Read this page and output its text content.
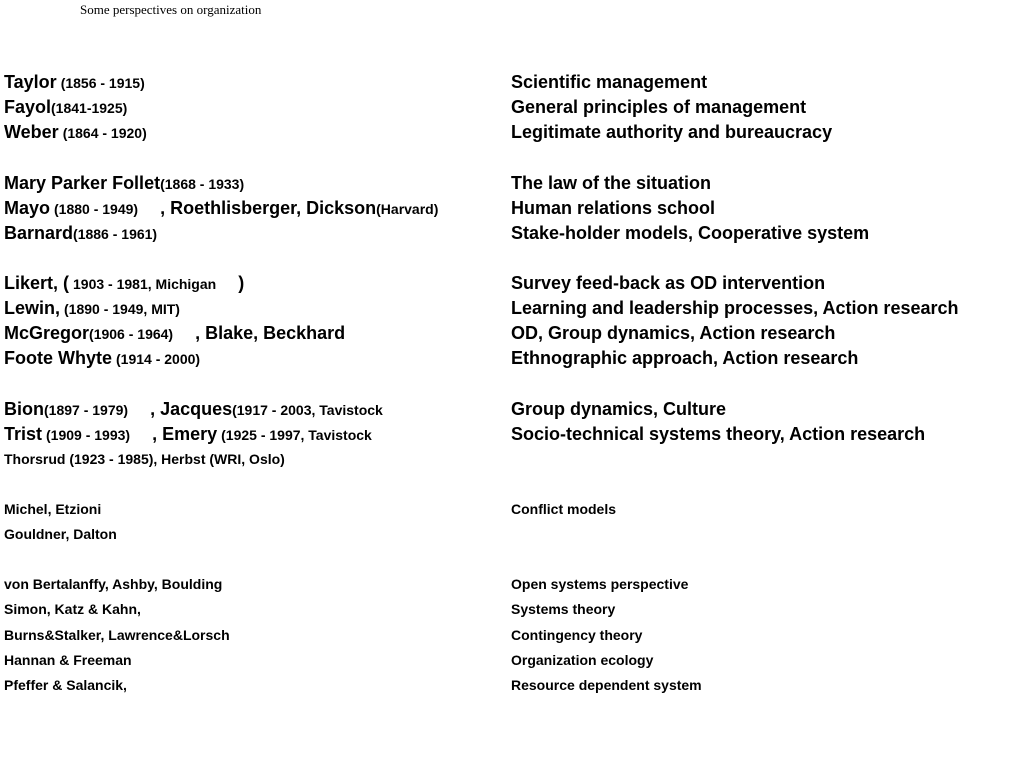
Some perspectives on organization
Taylor (1856 - 1915)	Scientific management
Fayol(1841-1925)	General principles of management
Weber (1864 - 1920)	Legitimate authority and bureaucracy
Mary Parker Follet(1868 - 1933)	The law of the situation
Mayo (1880 - 1949) , Roethlisberger, Dickson(Harvard)	Human relations school
Barnard(1886 - 1961)	Stake-holder models, Cooperative system
Likert, ( 1903 - 1981, Michigan )	Survey feed-back as OD intervention
Lewin, (1890 - 1949, MIT)	Learning and leadership processes, Action research
McGregor(1906 - 1964) , Blake, Beckhard	OD, Group dynamics, Action research
Foote Whyte (1914 - 2000)	Ethnographic approach, Action research
Bion(1897 - 1979) , Jacques(1917 - 2003, Tavistock	Group dynamics, Culture
Trist (1909 - 1993) , Emery (1925 - 1997, Tavistock	Socio-technical systems theory, Action research
Thorsrud (1923 - 1985), Herbst (WRI, Oslo)
Michel, Etzioni	Conflict models
Gouldner, Dalton
von Bertalanffy, Ashby, Boulding	Open systems perspective
Simon, Katz & Kahn,	Systems theory
Burns&Stalker, Lawrence&Lorsch	Contingency theory
Hannan & Freeman	Organization ecology
Pfeffer & Salancik,	Resource dependent system
